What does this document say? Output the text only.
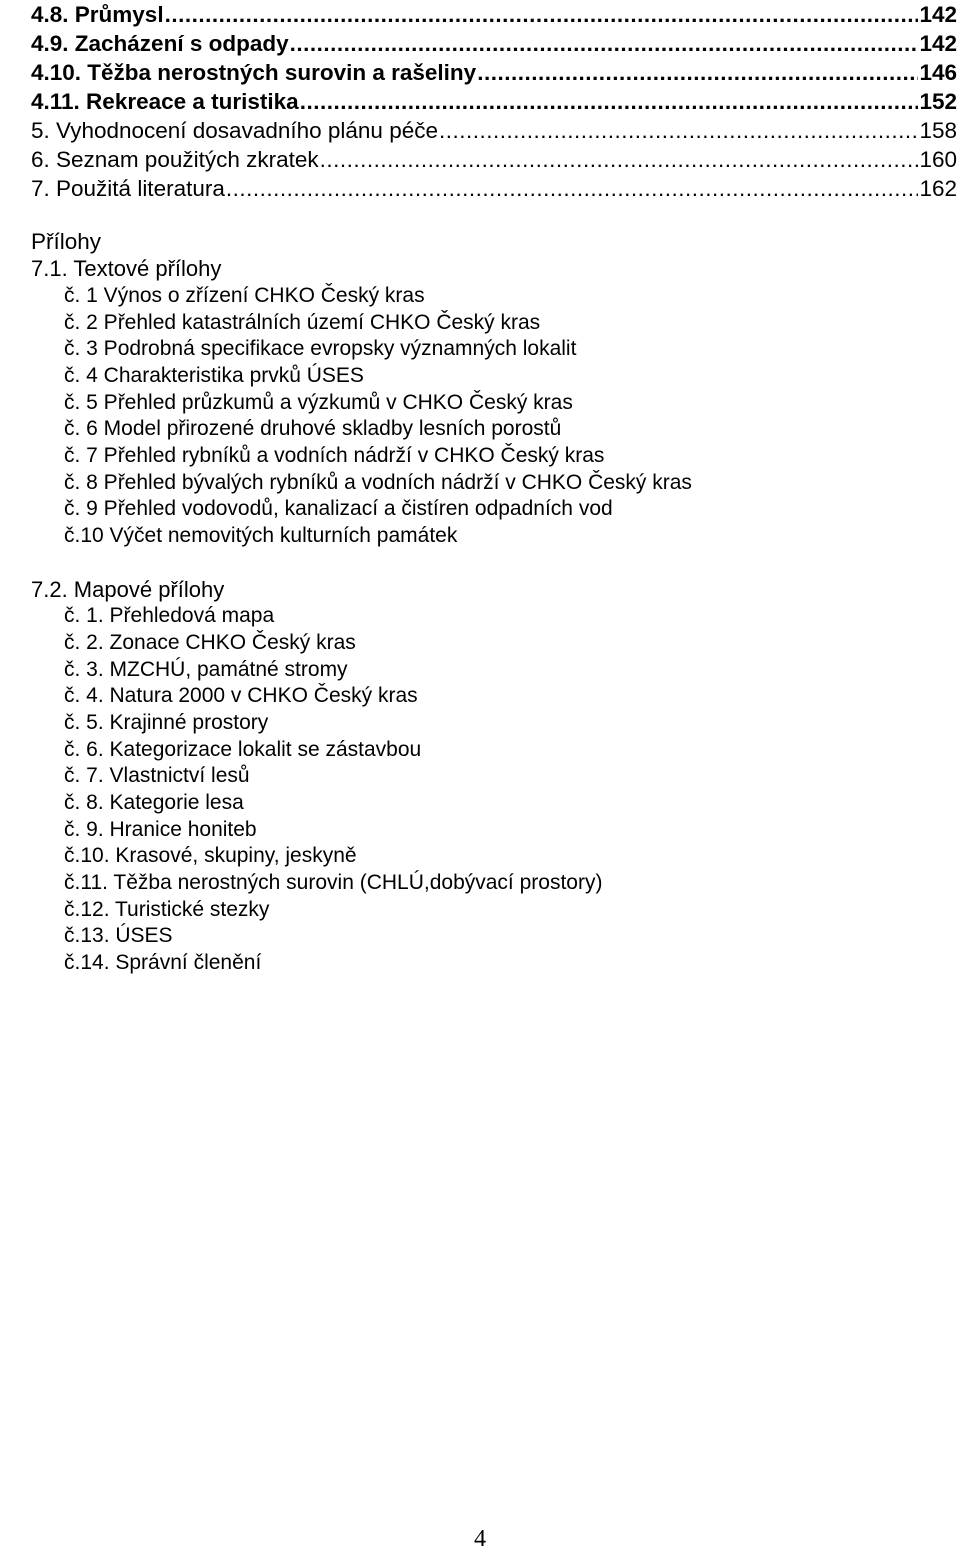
4.8. Průmysl .....	142
4.9. Zacházení s odpady .....	142
4.10. Těžba nerostných surovin a rašeliny .....	146
4.11. Rekreace a turistika .....	152
5. Vyhodnocení dosavadního plánu péče .....	158
6. Seznam použitých zkratek .....	160
7. Použitá literatura .....	162
Přílohy
7.1. Textové přílohy
č. 1 Výnos o zřízení CHKO Český kras
č. 2 Přehled katastrálních území CHKO Český kras
č. 3 Podrobná specifikace evropsky významných lokalit
č. 4 Charakteristika prvků ÚSES
č. 5 Přehled průzkumů a výzkumů v CHKO Český kras
č. 6 Model přirozené druhové skladby lesních porostů
č. 7 Přehled rybníků a vodních nádrží v CHKO Český kras
č. 8 Přehled bývalých rybníků a vodních nádrží v CHKO Český kras
č. 9 Přehled vodovodů, kanalizací a čistíren odpadních vod
č.10 Výčet nemovitých kulturních památek
7.2. Mapové přílohy
č. 1. Přehledová mapa
č. 2. Zonace CHKO Český kras
č. 3. MZCHÚ, památné stromy
č. 4. Natura 2000 v CHKO Český kras
č. 5. Krajinné prostory
č. 6. Kategorizace lokalit se zástavbou
č. 7. Vlastnictví lesů
č. 8. Kategorie lesa
č. 9. Hranice honiteb
č.10. Krasové, skupiny, jeskyně
č.11. Těžba nerostných surovin (CHLÚ,dobývací prostory)
č.12. Turistické stezky
č.13. ÚSES
č.14. Správní členění
4
